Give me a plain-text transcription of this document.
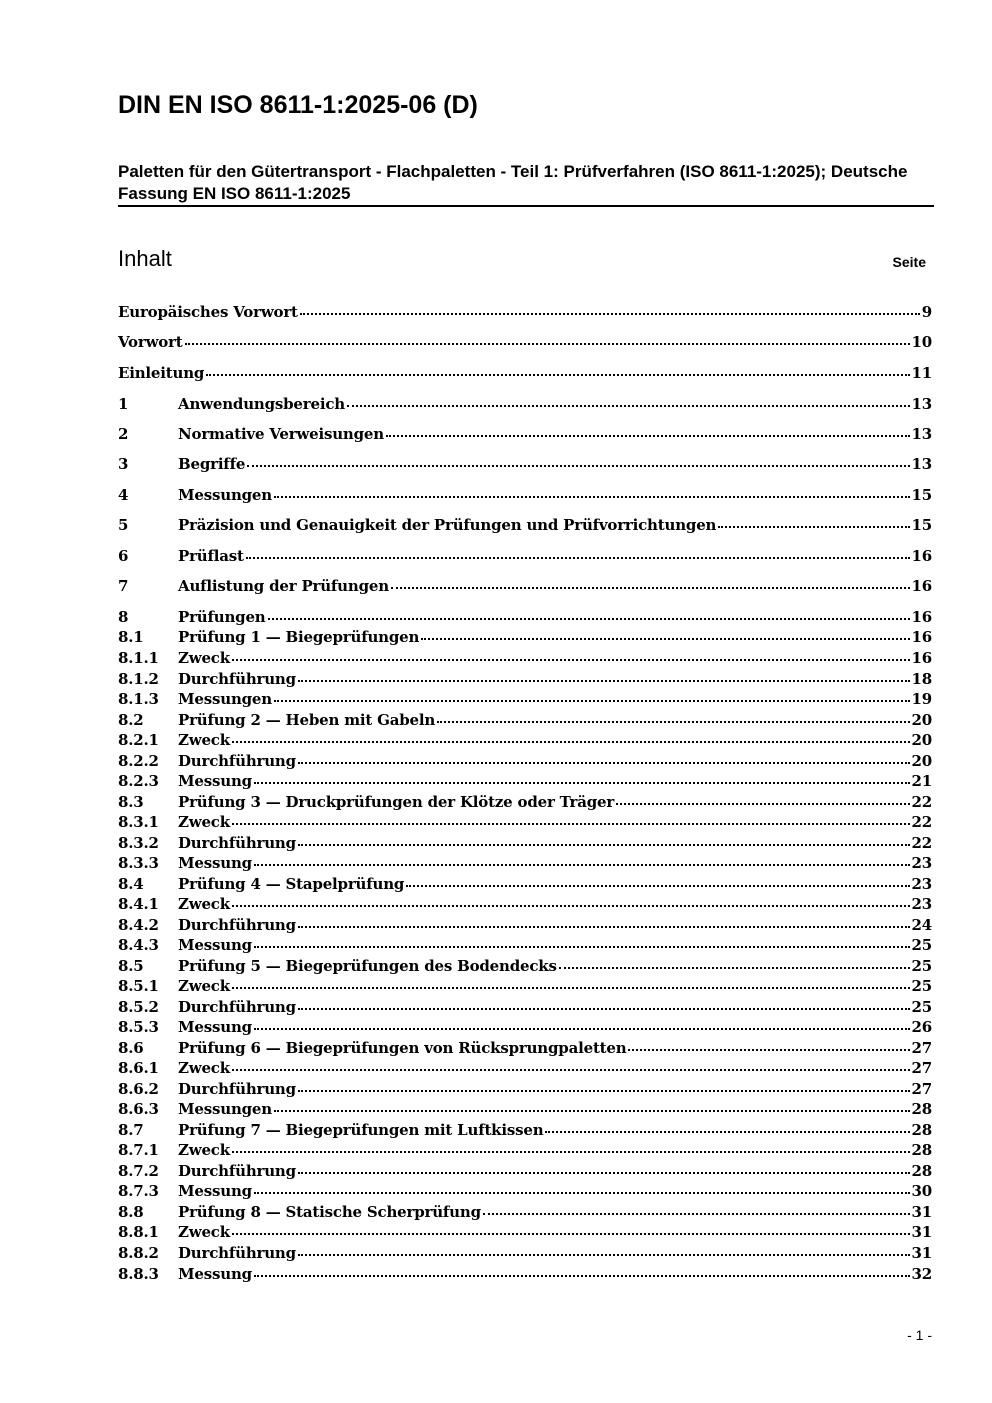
DIN EN ISO 8611-1:2025-06 (D)
Paletten für den Gütertransport - Flachpaletten - Teil 1: Prüfverfahren (ISO 8611-1:2025); Deutsche Fassung EN ISO 8611-1:2025
Inhalt	Seite
Europäisches Vorwort	9
Vorwort	10
Einleitung	11
1	Anwendungsbereich	13
2	Normative Verweisungen	13
3	Begriffe	13
4	Messungen	15
5	Präzision und Genauigkeit der Prüfungen und Prüfvorrichtungen	15
6	Prüflast	16
7	Auflistung der Prüfungen	16
8	Prüfungen	16
8.1	Prüfung 1 — Biegeprüfungen	16
8.1.1	Zweck	16
8.1.2	Durchführung	18
8.1.3	Messungen	19
8.2	Prüfung 2 — Heben mit Gabeln	20
8.2.1	Zweck	20
8.2.2	Durchführung	20
8.2.3	Messung	21
8.3	Prüfung 3 — Druckprüfungen der Klötze oder Träger	22
8.3.1	Zweck	22
8.3.2	Durchführung	22
8.3.3	Messung	23
8.4	Prüfung 4 — Stapelprüfung	23
8.4.1	Zweck	23
8.4.2	Durchführung	24
8.4.3	Messung	25
8.5	Prüfung 5 — Biegeprüfungen des Bodendecks	25
8.5.1	Zweck	25
8.5.2	Durchführung	25
8.5.3	Messung	26
8.6	Prüfung 6 — Biegeprüfungen von Rücksprungpaletten	27
8.6.1	Zweck	27
8.6.2	Durchführung	27
8.6.3	Messungen	28
8.7	Prüfung 7 — Biegeprüfungen mit Luftkissen	28
8.7.1	Zweck	28
8.7.2	Durchführung	28
8.7.3	Messung	30
8.8	Prüfung 8 — Statische Scherprüfung	31
8.8.1	Zweck	31
8.8.2	Durchführung	31
8.8.3	Messung	32
- 1 -
